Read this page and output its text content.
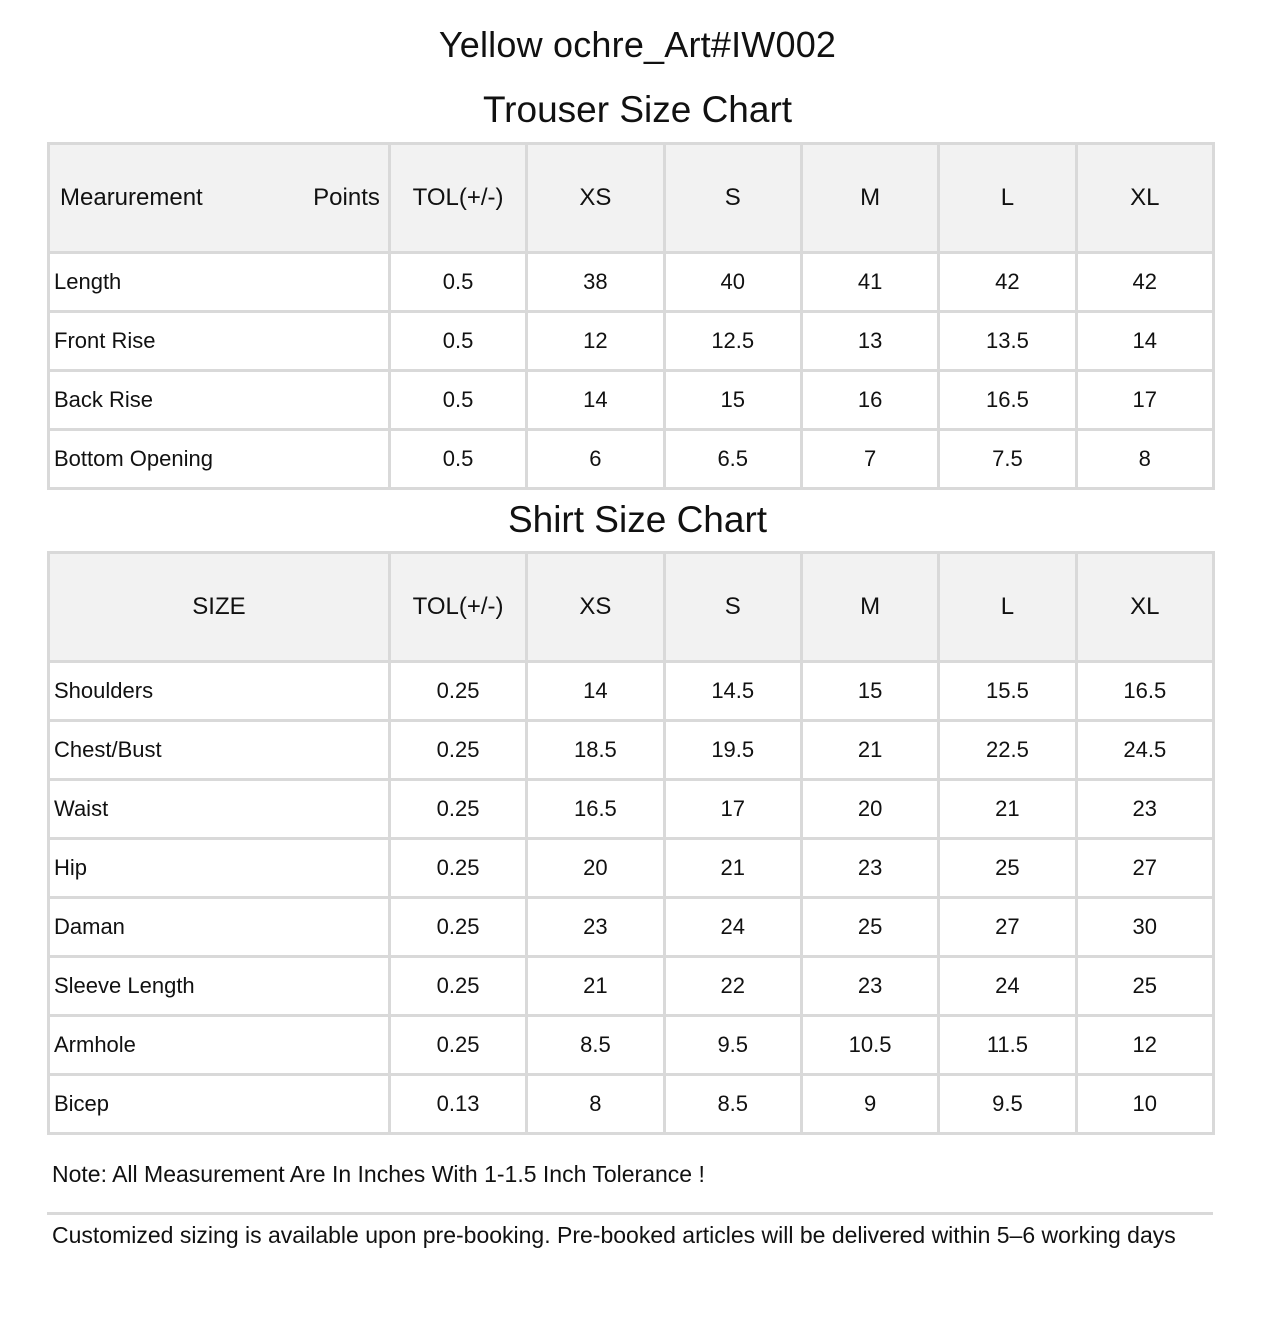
Yellow ochre_Art#IW002
Trouser Size Chart
Mearurement Points	TOL(+/-)	XS	S	M	L	XL
Length	0.5	38	40	41	42	42
Front Rise	0.5	12	12.5	13	13.5	14
Back Rise	0.5	14	15	16	16.5	17
Bottom Opening	0.5	6	6.5	7	7.5	8
Shirt Size Chart
SIZE	TOL(+/-)	XS	S	M	L	XL
Shoulders	0.25	14	14.5	15	15.5	16.5
Chest/Bust	0.25	18.5	19.5	21	22.5	24.5
Waist	0.25	16.5	17	20	21	23
Hip	0.25	20	21	23	25	27
Daman	0.25	23	24	25	27	30
Sleeve Length	0.25	21	22	23	24	25
Armhole	0.25	8.5	9.5	10.5	11.5	12
Bicep	0.13	8	8.5	9	9.5	10
Note: All Measurement Are In Inches With 1-1.5 Inch Tolerance !
Customized sizing is available upon pre-booking. Pre-booked articles will be delivered within 5–6 working days
